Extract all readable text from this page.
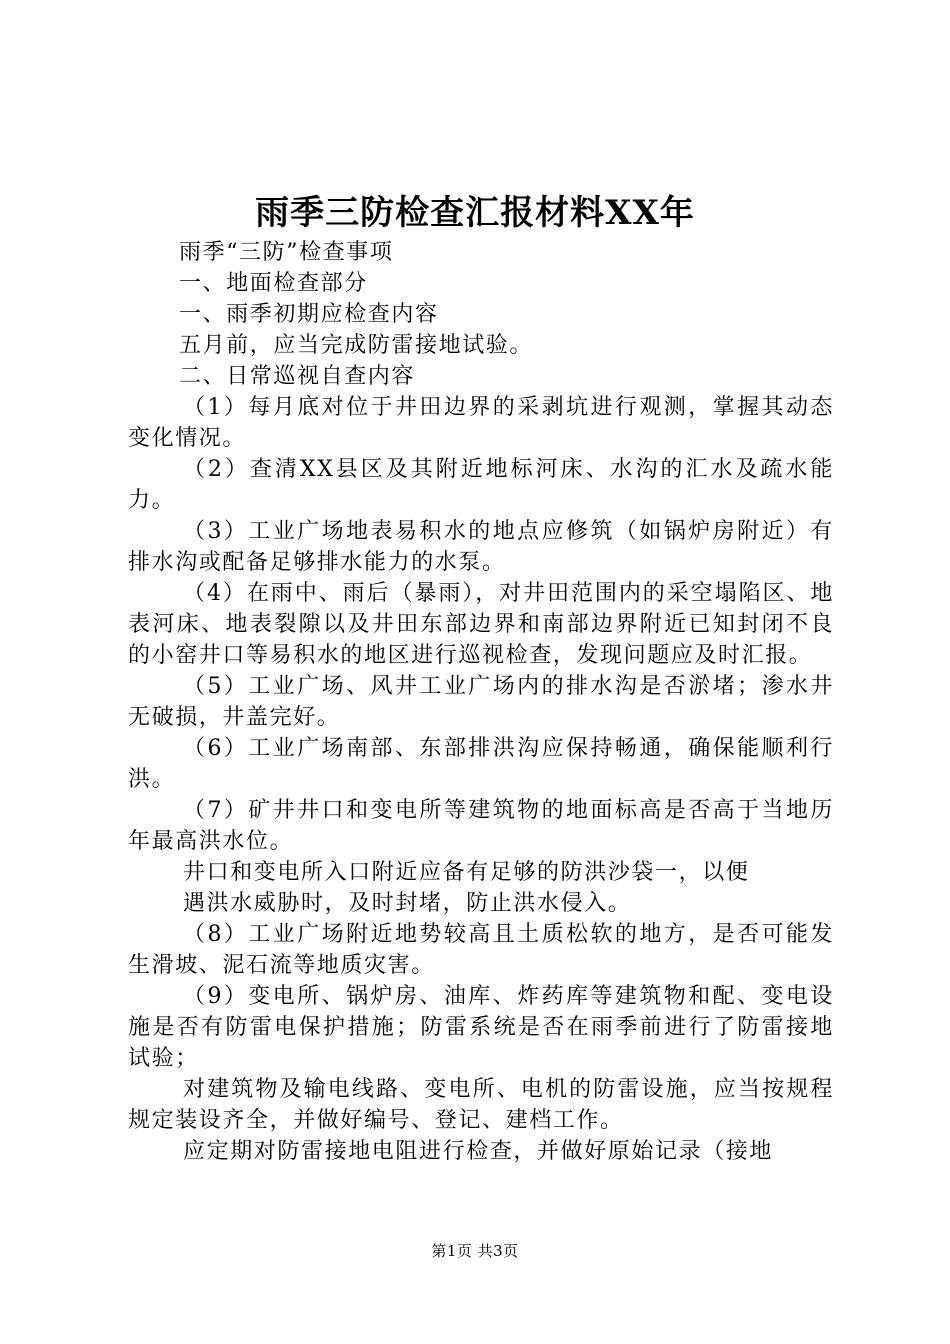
雨季三防检查汇报材料XX年

雨季“三防”检查事项

一、地面检查部分

一、雨季初期应检查内容

五月前，应当完成防雷接地试验。

二、日常巡视自查内容

（1）每月底对位于井田边界的采剥坑进行观测，掌握其动态变化情况。

（2）查清XX县区及其附近地标河床、水沟的汇水及疏水能力。

（3）工业广场地表易积水的地点应修筑（如锅炉房附近）有排水沟或配备足够排水能力的水泵。

（4）在雨中、雨后（暴雨），对井田范围内的采空塌陷区、地表河床、地表裂隙以及井田东部边界和南部边界附近已知封闭不良的小窑井口等易积水的地区进行巡视检查，发现问题应及时汇报。

（5）工业广场、风井工业广场内的排水沟是否淤堵；渗水井无破损，井盖完好。

（6）工业广场南部、东部排洪沟应保持畅通，确保能顺利行洪。

（7）矿井井口和变电所等建筑物的地面标高是否高于当地历年最高洪水位。

井口和变电所入口附近应备有足够的防洪沙袋一，以便

遇洪水威胁时，及时封堵，防止洪水侵入。

（8）工业广场附近地势较高且土质松软的地方，是否可能发生滑坡、泥石流等地质灾害。

（9）变电所、锅炉房、油库、炸药库等建筑物和配、变电设施是否有防雷电保护措施；防雷系统是否在雨季前进行了防雷接地试验；

对建筑物及输电线路、变电所、电机的防雷设施，应当按规程规定装设齐全，并做好编号、登记、建档工作。

应定期对防雷接地电阻进行检查，并做好原始记录（接地

第1页 共3页
